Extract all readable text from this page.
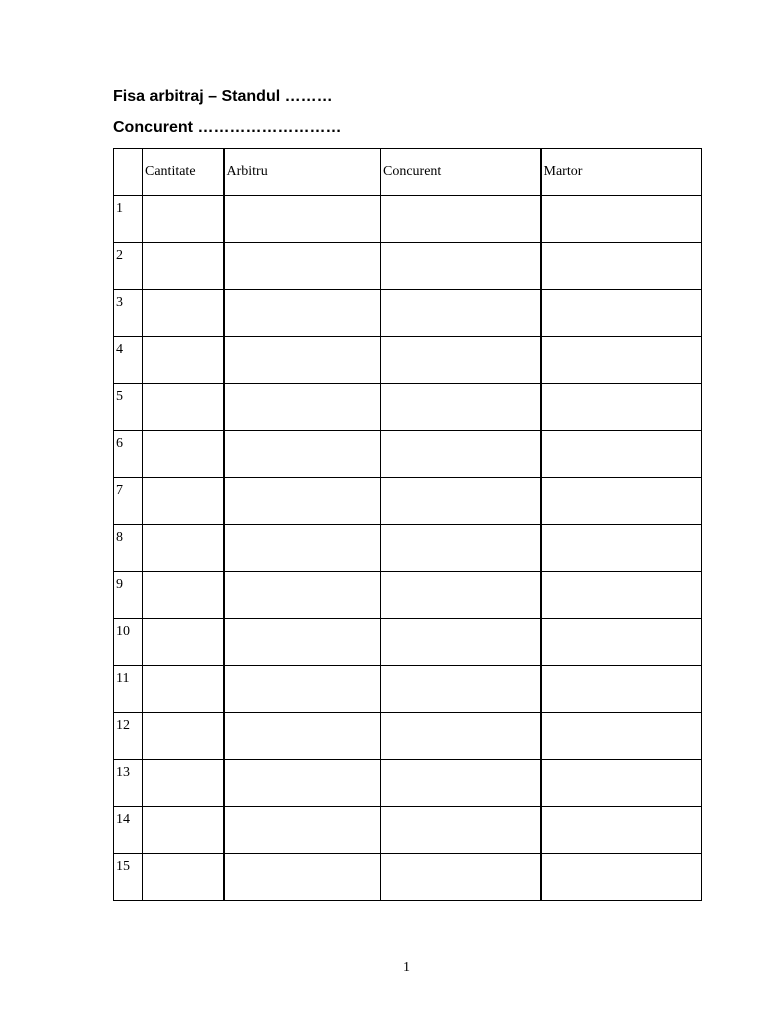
Fisa arbitraj – Standul ………
Concurent ………………………

	Cantitate	Arbitru	Concurent	Martor

1				

2				

3				

4				

5				

6				

7				

8				

9				

10				

11				

12				

13				

14				

15				

1
